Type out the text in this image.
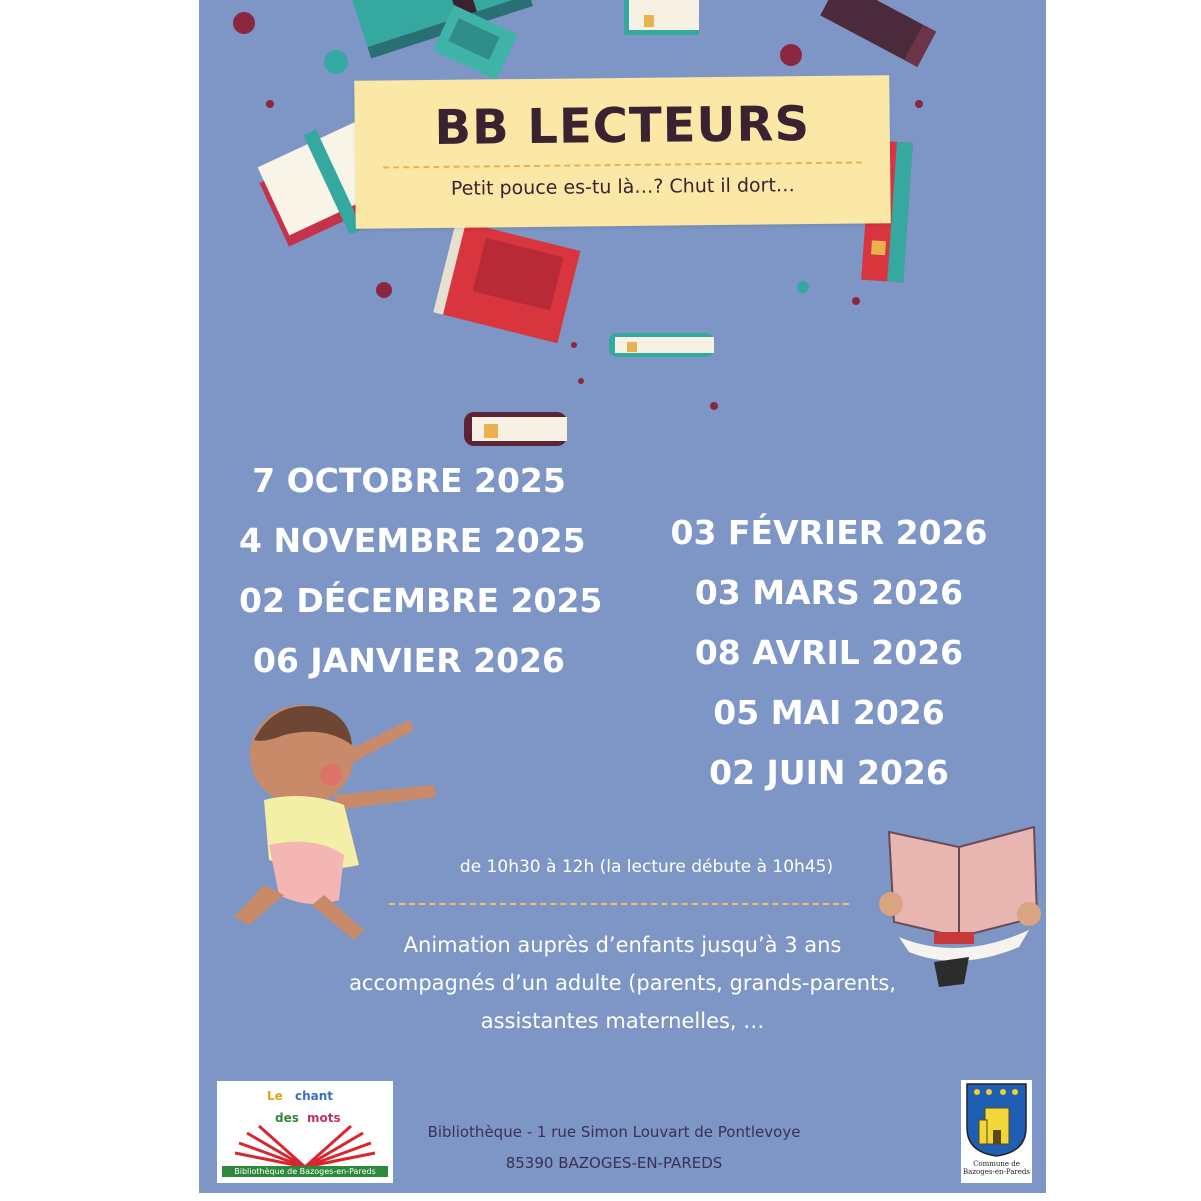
BB LECTEURS
Petit pouce es-tu là…? Chut il dort…
7 OCTOBRE 2025
4 NOVEMBRE 2025
02 DÉCEMBRE 2025
06 JANVIER 2026
03 FÉVRIER 2026
03 MARS 2026
08 AVRIL 2026
05 MAI 2026
02 JUIN 2026
de 10h30 à 12h (la lecture débute à 10h45)
Animation auprès d’enfants jusqu’à 3 ans
accompagnés d’un adulte (parents, grands-parents,
assistantes maternelles, …
Le chant
des mots
Bibliothèque de Bazoges-en-Pareds
Bibliothèque - 1 rue Simon Louvart de Pontlevoye
85390 BAZOGES-EN-PAREDS	Commune de
Bazoges-en-Pareds
